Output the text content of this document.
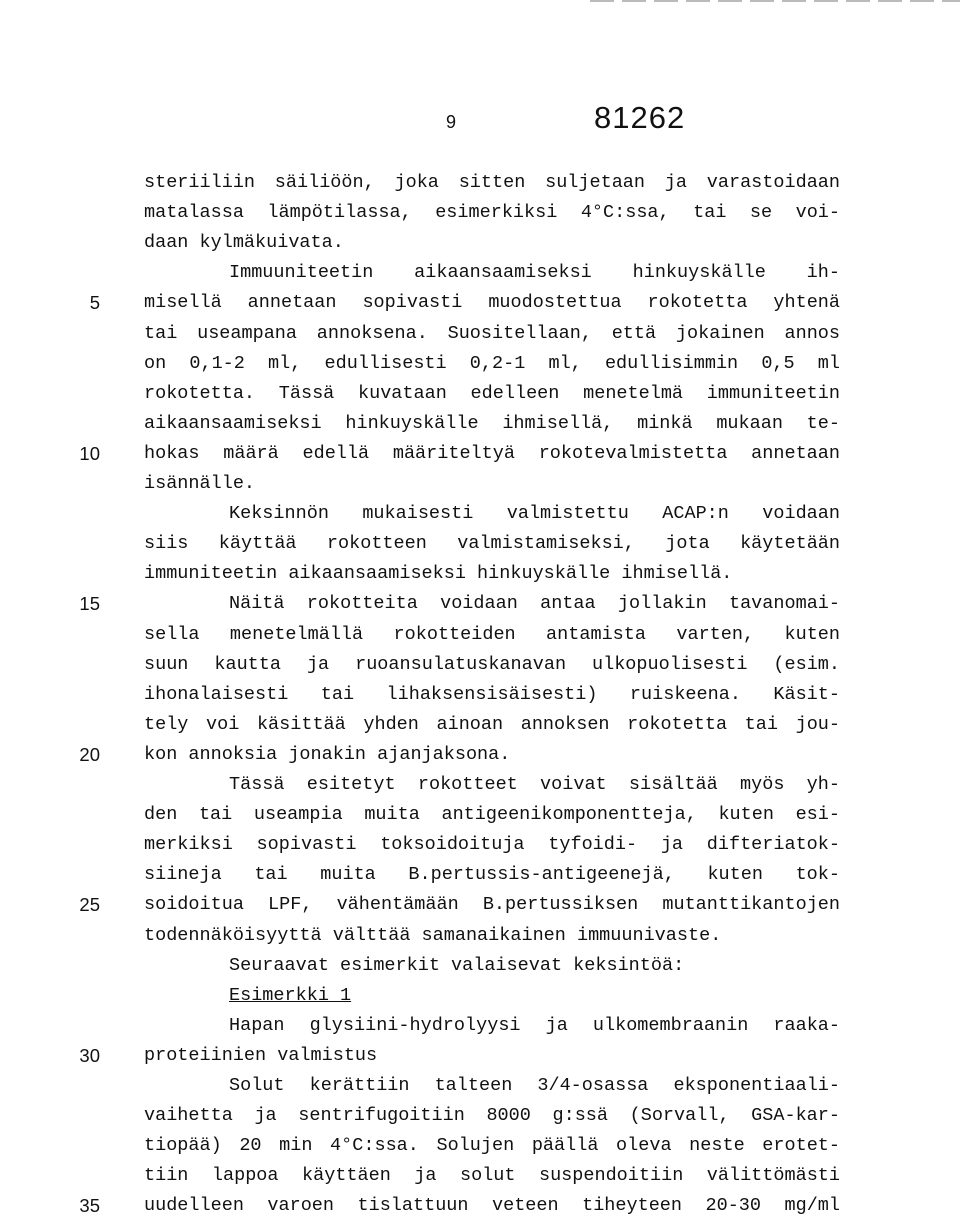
9	81262
steriiliin säiliöön, joka sitten suljetaan ja varastoidaan
matalassa lämpötilassa, esimerkiksi 4°C:ssa, tai se voi-
daan kylmäkuivata.
Immuuniteetin aikaansaamiseksi hinkuyskälle ih-
misellä annetaan sopivasti muodostettua rokotetta yhtenä
tai useampana annoksena. Suositellaan, että jokainen annos
on 0,1-2 ml, edullisesti 0,2-1 ml, edullisimmin 0,5 ml
rokotetta. Tässä kuvataan edelleen menetelmä immuniteetin
aikaansaamiseksi hinkuyskälle ihmisellä, minkä mukaan te-
hokas määrä edellä määriteltyä rokotevalmistetta annetaan
isännälle.
Keksinnön mukaisesti valmistettu ACAP:n voidaan
siis käyttää rokotteen valmistamiseksi, jota käytetään
immuniteetin aikaansaamiseksi hinkuyskälle ihmisellä.
Näitä rokotteita voidaan antaa jollakin tavanomai-
sella menetelmällä rokotteiden antamista varten, kuten
suun kautta ja ruoansulatuskanavan ulkopuolisesti (esim.
ihonalaisesti tai lihaksensisäisesti) ruiskeena. Käsit-
tely voi käsittää yhden ainoan annoksen rokotetta tai jou-
kon annoksia jonakin ajanjaksona.
Tässä esitetyt rokotteet voivat sisältää myös yh-
den tai useampia muita antigeenikomponentteja, kuten esi-
merkiksi sopivasti toksoidoituja tyfoidi- ja difteriatok-
siineja tai muita B.pertussis-antigeenejä, kuten tok-
soidoitua LPF, vähentämään B.pertussiksen mutanttikantojen
todennäköisyyttä välttää samanaikainen immuunivaste.
Seuraavat esimerkit valaisevat keksintöä:
Esimerkki 1
Hapan glysiini-hydrolyysi ja ulkomembraanin raaka-
proteiinien valmistus
Solut kerättiin talteen 3/4-osassa eksponentiaali-
vaihetta ja sentrifugoitiin 8000 g:ssä (Sorvall, GSA-kar-
tiopää) 20 min 4°C:ssa. Solujen päällä oleva neste erotet-
tiin lappoa käyttäen ja solut suspendoitiin välittömästi
uudelleen varoen tislattuun veteen tiheyteen 20-30 mg/ml
5
10
15
20
25
30
35
